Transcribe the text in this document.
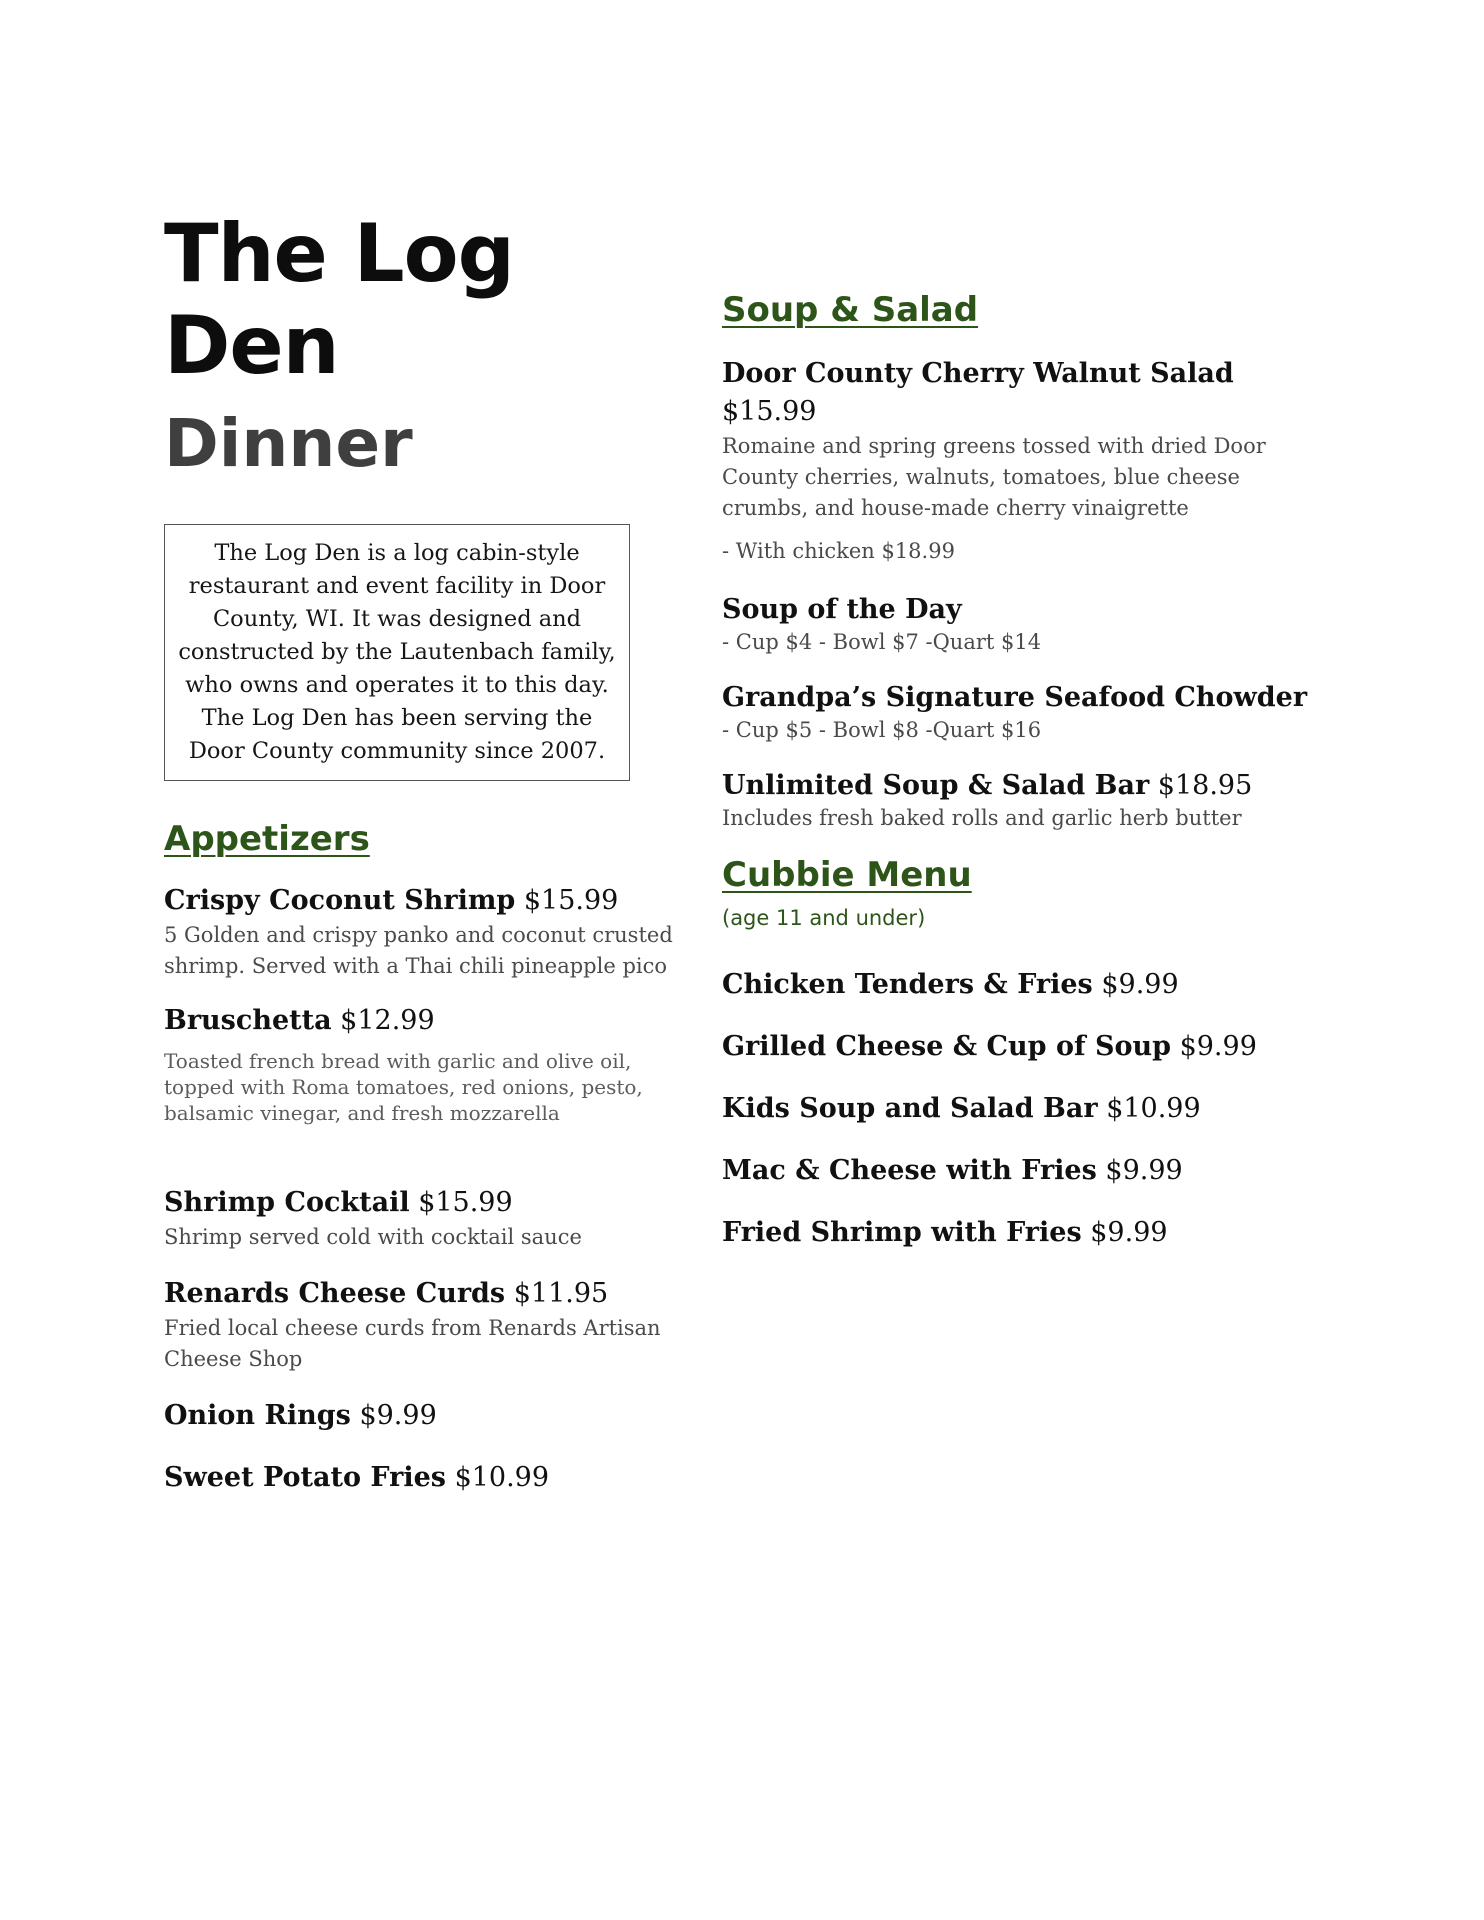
The Log Den
Dinner
The Log Den is a log cabin-style restaurant and event facility in Door County, WI. It was designed and constructed by the Lautenbach family, who owns and operates it to this day. The Log Den has been serving the Door County community since 2007.
Appetizers
Crispy Coconut Shrimp $15.99
5 Golden and crispy panko and coconut crusted shrimp. Served with a Thai chili pineapple pico
Bruschetta $12.99
Toasted french bread with garlic and olive oil, topped with Roma tomatoes, red onions, pesto, balsamic vinegar, and fresh mozzarella
Shrimp Cocktail $15.99
Shrimp served cold with cocktail sauce
Renards Cheese Curds $11.95
Fried local cheese curds from Renards Artisan Cheese Shop
Onion Rings $9.99
Sweet Potato Fries $10.99
Soup & Salad
Door County Cherry Walnut Salad
$15.99
Romaine and spring greens tossed with dried Door County cherries, walnuts, tomatoes, blue cheese crumbs, and house-made cherry vinaigrette
- With chicken $18.99
Soup of the Day
- Cup $4 - Bowl $7 -Quart $14
Grandpa’s Signature Seafood Chowder
- Cup $5 - Bowl $8 -Quart $16
Unlimited Soup & Salad Bar $18.95
Includes fresh baked rolls and garlic herb butter
Cubbie Menu
(age 11 and under)
Chicken Tenders & Fries $9.99
Grilled Cheese & Cup of Soup $9.99
Kids Soup and Salad Bar $10.99
Mac & Cheese with Fries $9.99
Fried Shrimp with Fries $9.99
